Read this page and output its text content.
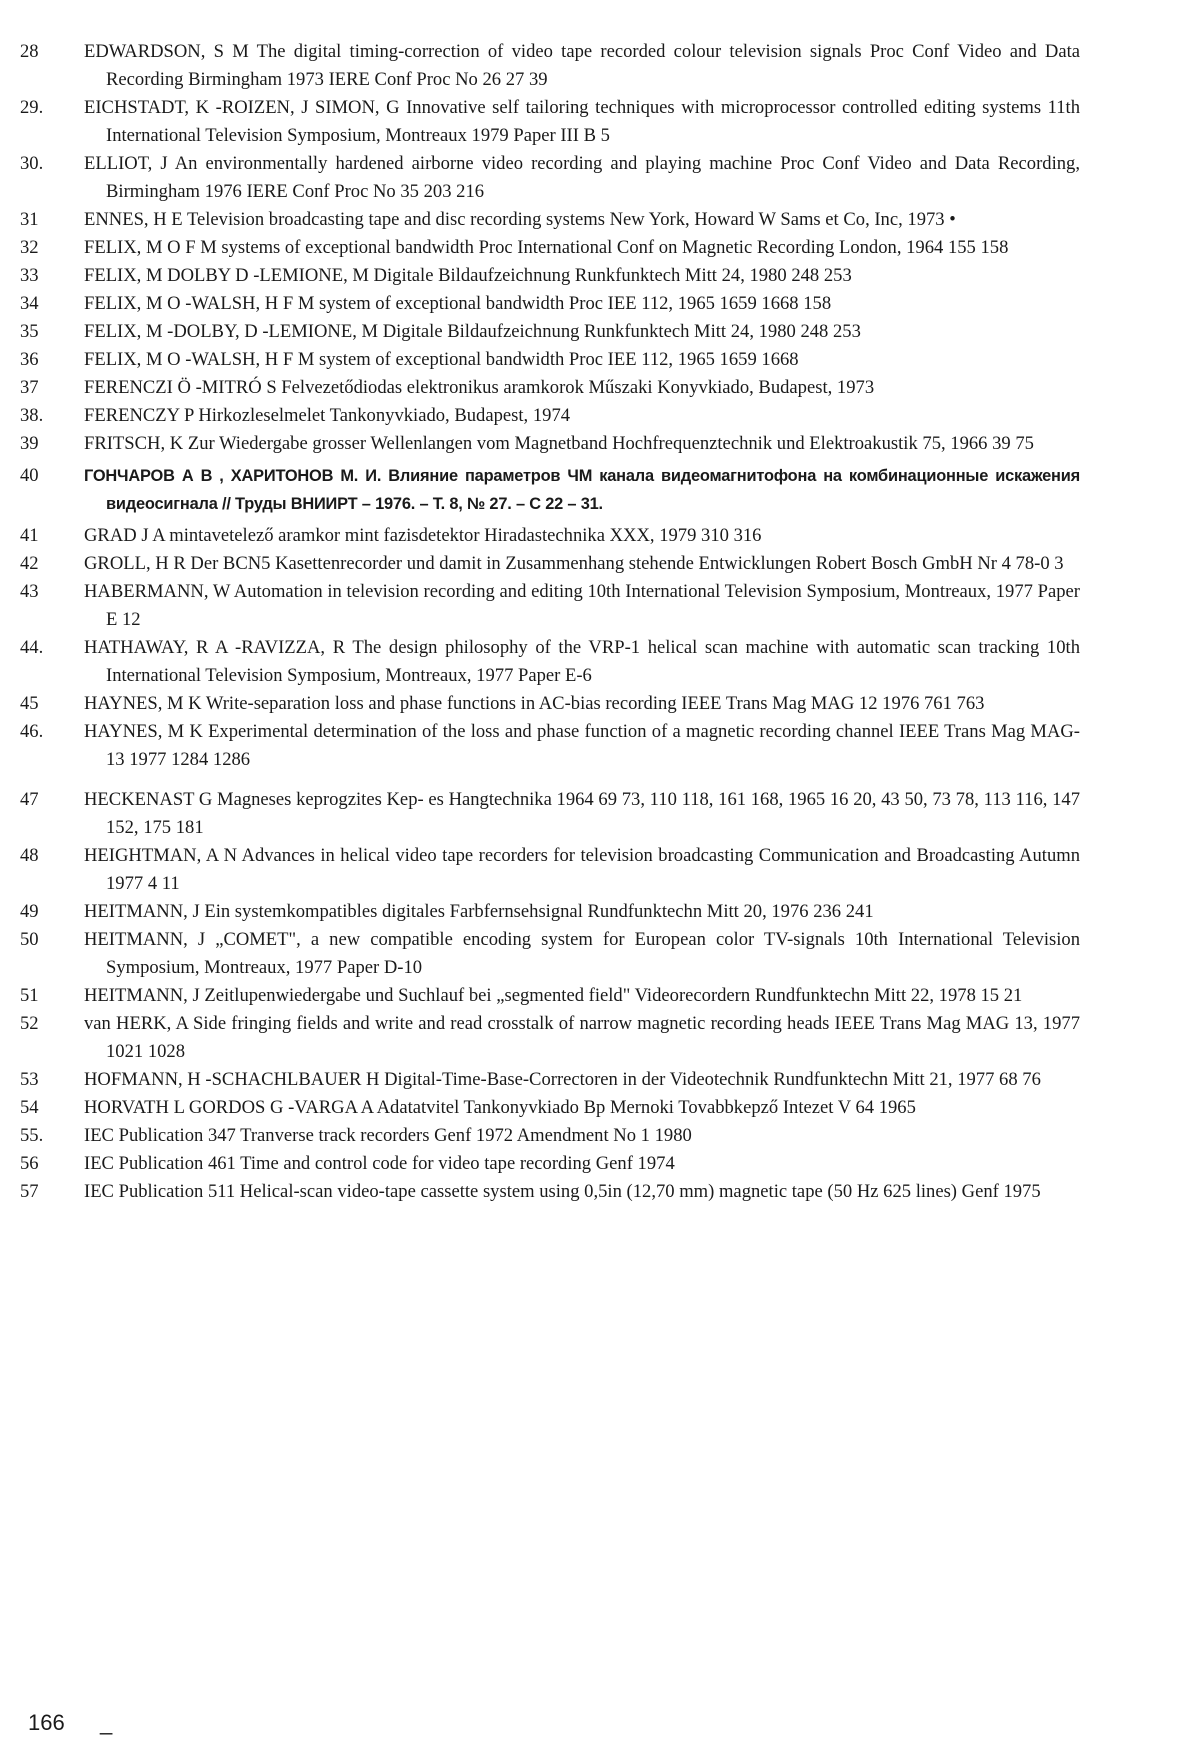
28	EDWARDSON, S M The digital timing-correction of video tape recorded colour television signals Proc Conf Video and Data Recording Birmingham 1973 IERE Conf Proc No 26 27 39
29.	EICHSTADT, K -ROIZEN, J SIMON, G Innovative self tailoring techniques with microprocessor controlled editing systems 11th International Television Symposium, Montreaux 1979 Paper III B 5
30.	ELLIOT, J An environmentally hardened airborne video recording and playing machine Proc Conf Video and Data Recording, Birmingham 1976 IERE Conf Proc No 35 203 216
31	ENNES, H E Television broadcasting tape and disc recording systems New York, Howard W Sams et Co, Inc, 1973 •
32	FELIX, M O F M systems of exceptional bandwidth Proc International Conf on Magnetic Recording London, 1964 155 158
33	FELIX, M DOLBY D -LEMIONE, M Digitale Bildaufzeichnung Runkfunktech Mitt 24, 1980 248 253
34	FELIX, M O -WALSH, H F M system of exceptional bandwidth Proc IEE 112, 1965 1659 1668 158
35	FELIX, M -DOLBY, D -LEMIONE, M Digitale Bildaufzeichnung Runkfunktech Mitt 24, 1980 248 253
36	FELIX, M O -WALSH, H F M system of exceptional bandwidth Proc IEE 112, 1965 1659 1668
37	FERENCZI Ö -MITRÓ S Felvezetődiodas elektronikus aramkorok Műszaki Konyvkiado, Budapest, 1973
38.	FERENCZY P Hirkozleselmelet Tankonyvkiado, Budapest, 1974
39	FRITSCH, K Zur Wiedergabe grosser Wellenlangen vom Magnetband Hochfrequenztechnik und Elektroakustik 75, 1966 39 75
40	ГОНЧАРОВ А В , ХАРИТОНОВ М. И. Влияние параметров ЧМ канала видеомагнитофона на комбинационные искажения видеосигнала // Труды ВНИИРТ – 1976. – Т. 8, № 27. – С 22 – 31.
41	GRAD J A mintavetelező aramkor mint fazisdetektor Hiradastechnika XXX, 1979 310 316
42	GROLL, H R Der BCN5 Kasettenrecorder und damit in Zusammenhang stehende Entwicklungen Robert Bosch GmbH Nr 4 78-0 3
43	HABERMANN, W Automation in television recording and editing 10th International Television Symposium, Montreaux, 1977 Paper E 12
44.	HATHAWAY, R A -RAVIZZA, R The design philosophy of the VRP-1 helical scan machine with automatic scan tracking 10th International Television Symposium, Montreaux, 1977 Paper E-6
45	HAYNES, M K Write-separation loss and phase functions in AC-bias recording IEEE Trans Mag MAG 12 1976 761 763
46.	HAYNES, M K Experimental determination of the loss and phase function of a magnetic recording channel IEEE Trans Mag MAG-13 1977 1284 1286
47	HECKENAST G Magneses keprogzites Kep- es Hangtechnika 1964 69 73, 110 118, 161 168, 1965 16 20, 43 50, 73 78, 113 116, 147 152, 175 181
48	HEIGHTMAN, A N Advances in helical video tape recorders for television broadcasting Communication and Broadcasting Autumn 1977 4 11
49	HEITMANN, J Ein systemkompatibles digitales Farbfernsehsignal Rundfunktechn Mitt 20, 1976 236 241
50	HEITMANN, J „COMET", a new compatible encoding system for European color TV-signals 10th International Television Symposium, Montreaux, 1977 Paper D-10
51	HEITMANN, J Zeitlupenwiedergabe und Suchlauf bei „segmented field" Videorecordern Rundfunktechn Mitt 22, 1978 15 21
52	van HERK, A Side fringing fields and write and read crosstalk of narrow magnetic recording heads IEEE Trans Mag MAG 13, 1977 1021 1028
53	HOFMANN, H -SCHACHLBAUER H Digital-Time-Base-Correctoren in der Videotechnik Rundfunktechn Mitt 21, 1977 68 76
54	HORVATH L GORDOS G -VARGA A Adatatvitel Tankonyvkiado Bp Mernoki Tovabbkepző Intezet V 64 1965
55.	IEC Publication 347 Tranverse track recorders Genf 1972 Amendment No 1 1980
56	IEC Publication 461 Time and control code for video tape recording Genf 1974
57	IEC Publication 511 Helical-scan video-tape cassette system using 0,5in (12,70 mm) magnetic tape (50 Hz 625 lines) Genf 1975
166 _
